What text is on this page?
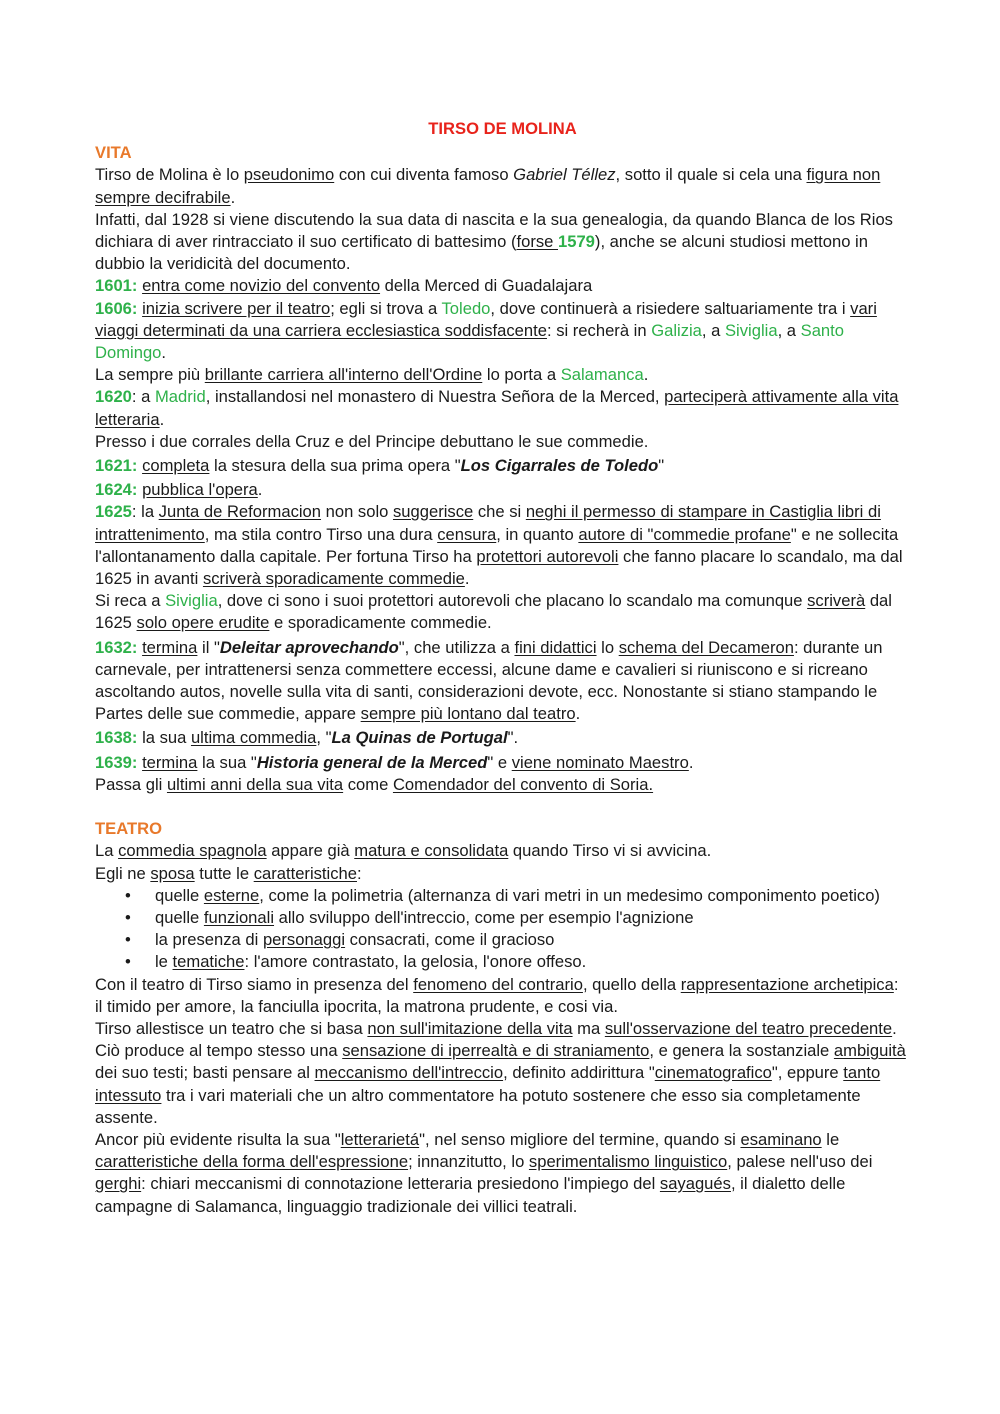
TIRSO DE MOLINA
VITA

Tirso de Molina è lo pseudonimo con cui diventa famoso Gabriel Téllez, sotto il quale si cela una figura non sempre decifrabile.

Infatti, dal 1928 si viene discutendo la sua data di nascita e la sua genealogia, da quando Blanca de los Rios dichiara di aver rintracciato il suo certificato di battesimo (forse 1579), anche se alcuni studiosi mettono in dubbio la veridicità del documento.

1601: entra come novizio del convento della Merced di Guadalajara

1606: inizia scrivere per il teatro; egli si trova a Toledo, dove continuerà a risiedere saltuariamente tra i vari viaggi determinati da una carriera ecclesiastica soddisfacente: si recherà in Galizia, a Siviglia, a Santo Domingo.

La sempre più brillante carriera all'interno dell'Ordine lo porta a Salamanca.

1620: a Madrid, installandosi nel monastero di Nuestra Señora de la Merced, parteciperà attivamente alla vita letteraria.

Presso i due corrales della Cruz e del Principe debuttano le sue commedie.

1621: completa la stesura della sua prima opera "Los Cigarrales de Toledo"

1624: pubblica l'opera.

1625: la Junta de Reformacion non solo suggerisce che si neghi il permesso di stampare in Castiglia libri di intrattenimento, ma stila contro Tirso una dura censura, in quanto autore di "commedie profane" e ne sollecita l'allontanamento dalla capitale. Per fortuna Tirso ha protettori autorevoli che fanno placare lo scandalo, ma dal 1625 in avanti scriverà sporadicamente commedie.

Si reca a Siviglia, dove ci sono i suoi protettori autorevoli che placano lo scandalo ma comunque scriverà dal 1625 solo opere erudite e sporadicamente commedie.

1632: termina il "Deleitar aprovechando", che utilizza a fini didattici lo schema del Decameron: durante un carnevale, per intrattenersi senza commettere eccessi, alcune dame e cavalieri si riuniscono e si ricreano ascoltando autos, novelle sulla vita di santi, considerazioni devote, ecc. Nonostante si stiano stampando le Partes delle sue commedie, appare sempre più lontano dal teatro.

1638: la sua ultima commedia, "La Quinas de Portugal".

1639: termina la sua "Historia general de la Merced" e viene nominato Maestro.

Passa gli ultimi anni della sua vita come Comendador del convento di Soria.

TEATRO

La commedia spagnola appare già matura e consolidata quando Tirso vi si avvicina.

Egli ne sposa tutte le caratteristiche:

• quelle esterne, come la polimetria (alternanza di vari metri in un medesimo componimento poetico)
• quelle funzionali allo sviluppo dell'intreccio, come per esempio l'agnizione
• la presenza di personaggi consacrati, come il gracioso
• le tematiche: l'amore contrastato, la gelosia, l'onore offeso.

Con il teatro di Tirso siamo in presenza del fenomeno del contrario, quello della rappresentazione archetipica: il timido per amore, la fanciulla ipocrita, la matrona prudente, e cosi via.

Tirso allestisce un teatro che si basa non sull'imitazione della vita ma sull'osservazione del teatro precedente. Ciò produce al tempo stesso una sensazione di iperrealtà e di straniamento, e genera la sostanziale ambiguità dei suo testi; basti pensare al meccanismo dell'intreccio, definito addirittura "cinematografico", eppure tanto intessuto tra i vari materiali che un altro commentatore ha potuto sostenere che esso sia completamente assente.

Ancor più evidente risulta la sua "letterarietá", nel senso migliore del termine, quando si esaminano le caratteristiche della forma dell'espressione; innanzitutto, lo sperimentalismo linguistico, palese nell'uso dei gerghi: chiari meccanismi di connotazione letteraria presiedono l'impiego del sayagués, il dialetto delle campagne di Salamanca, linguaggio tradizionale dei villici teatrali.
